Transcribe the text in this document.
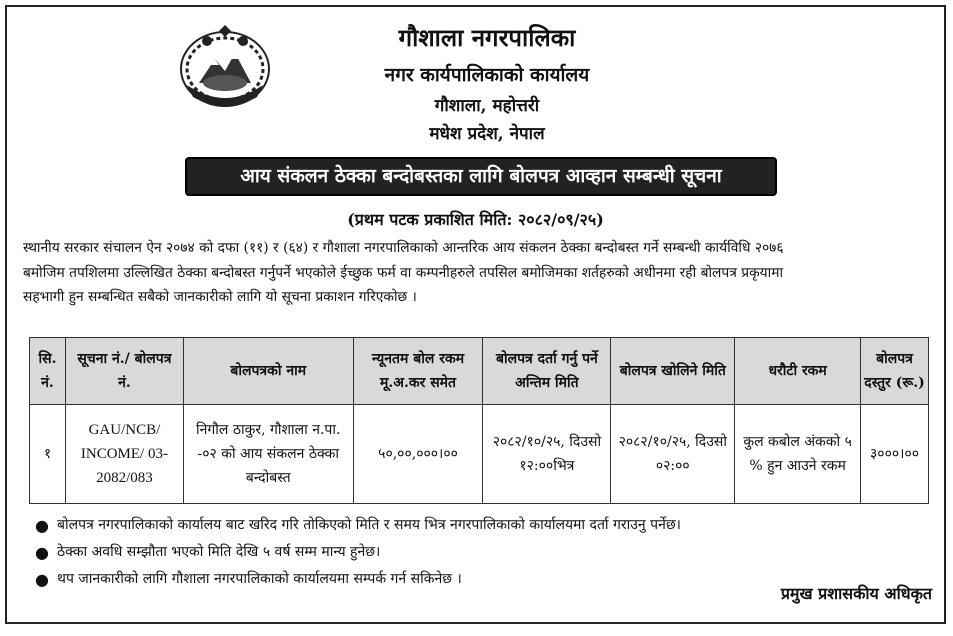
गौशाला नगरपालिका
नगर कार्यपालिकाको कार्यालय
गौशाला, महोत्तरी
मधेश प्रदेश, नेपाल
आय संकलन ठेक्का बन्दोबस्तका लागि बोलपत्र आव्हान सम्बन्धी सूचना
(प्रथम पटक प्रकाशित मिति: २०८२/०९/२५)
स्थानीय सरकार संचालन ऐन २०७४ को दफा (११) र (६४) र गौशाला नगरपालिकाको आन्तरिक आय संकलन ठेक्का बन्दोबस्त गर्ने सम्बन्धी कार्यविधि २०७६
बमोजिम तपशिलमा उल्लिखित ठेक्का बन्दोबस्त गर्नुपर्ने भएकोले ईच्छुक फर्म वा कम्पनीहरुले तपसिल बमोजिमका शर्तहरुको अधीनमा रही बोलपत्र प्रकृयामा
सहभागी हुन सम्बन्धित सबैको जानकारीको लागि यो सूचना प्रकाशन गरिएकोछ ।
सि. नं.	सूचना नं./ बोलपत्र नं.	बोलपत्रको नाम	न्यूनतम बोल रकम मू.अ.कर समेत	बोलपत्र दर्ता गर्नु पर्ने अन्तिम मिति	बोलपत्र खोलिने मिति	धरौटी रकम	बोलपत्र दस्तुर (रू.)
१	GAU/NCB/ INCOME/ 03-2082/083	निगौल ठाकुर, गौशाला न.पा. -०२ को आय संकलन ठेक्का बन्दोबस्त	५०,००,०००।००	२०८२/१०/२५, दिउसो १२:००भित्र	२०८२/१०/२५, दिउसो ०२:००	कुल कबोल अंकको ५ % हुन आउने रकम	३०००।००
● बोलपत्र नगरपालिकाको कार्यालय बाट खरिद गरि तोकिएको मिति र समय भित्र नगरपालिकाको कार्यालयमा दर्ता गराउनु पर्नेछ।
● ठेक्का अवधि सम्झौता भएको मिति देखि ५ वर्ष सम्म मान्य हुनेछ।
● थप जानकारीको लागि गौशाला नगरपालिकाको कार्यालयमा सम्पर्क गर्न सकिनेछ ।
प्रमुख प्रशासकीय अधिकृत
